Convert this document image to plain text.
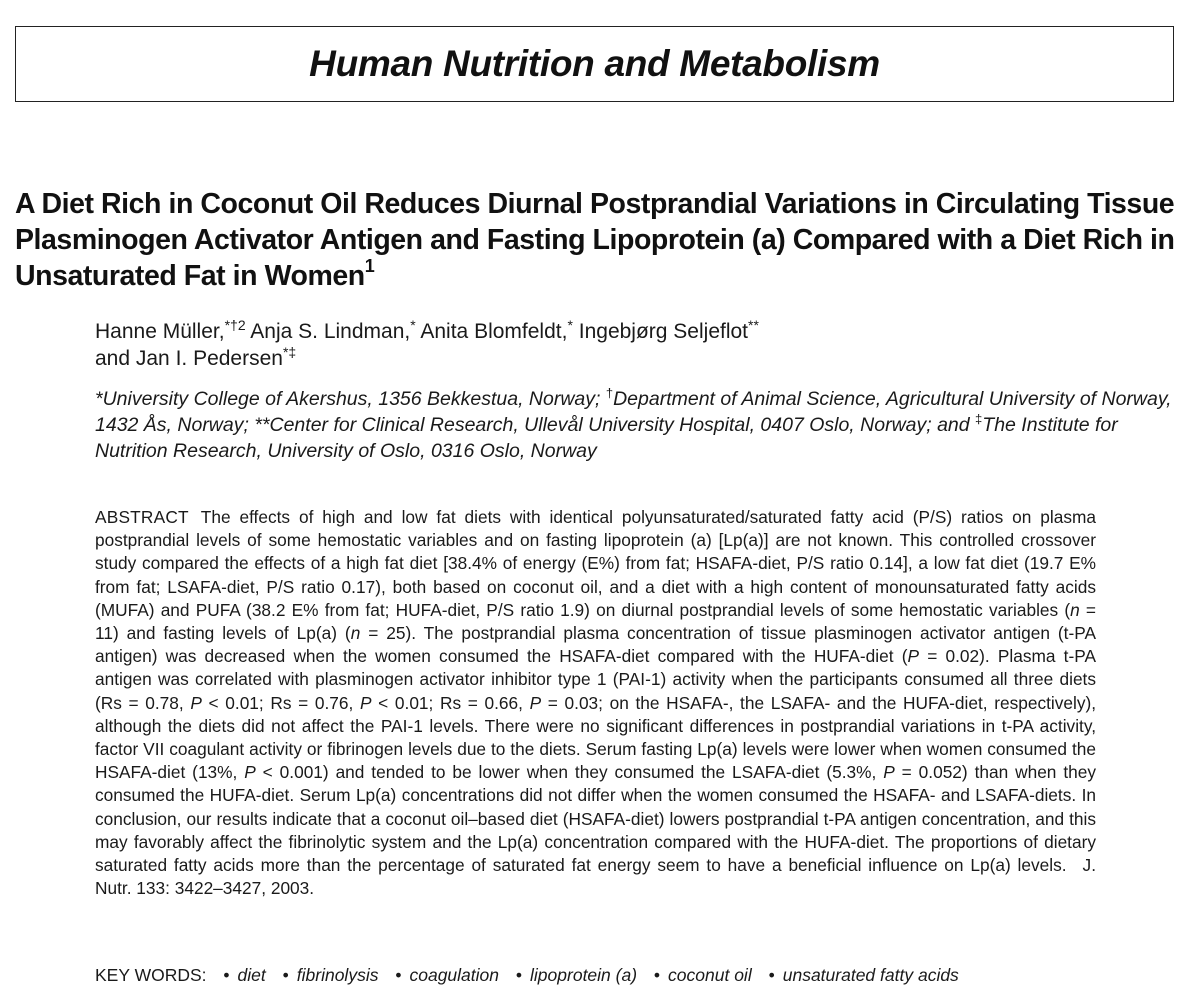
Human Nutrition and Metabolism
A Diet Rich in Coconut Oil Reduces Diurnal Postprandial Variations in Circulating Tissue Plasminogen Activator Antigen and Fasting Lipoprotein (a) Compared with a Diet Rich in Unsaturated Fat in Women$^1$
Hanne Müller,$^{*\dagger 2}$ Anja S. Lindman,* Anita Blomfeldt,* Ingebjørg Seljeflot**
and Jan I. Pedersen*‡
*University College of Akershus, 1356 Bekkestua, Norway; †Department of Animal Science, Agricultural University of Norway, 1432 Ås, Norway; **Center for Clinical Research, Ullevål University Hospital, 0407 Oslo, Norway; and ‡The Institute for Nutrition Research, University of Oslo, 0316 Oslo, Norway
ABSTRACT The effects of high and low fat diets with identical polyunsaturated/saturated fatty acid (P/S) ratios on plasma postprandial levels of some hemostatic variables and on fasting lipoprotein (a) [Lp(a)] are not known. This controlled crossover study compared the effects of a high fat diet [38.4% of energy (E%) from fat; HSAFA-diet, P/S ratio 0.14], a low fat diet (19.7 E% from fat; LSAFA-diet, P/S ratio 0.17), both based on coconut oil, and a diet with a high content of monounsaturated fatty acids (MUFA) and PUFA (38.2 E% from fat; HUFA-diet, P/S ratio 1.9) on diurnal postprandial levels of some hemostatic variables (n = 11) and fasting levels of Lp(a) (n = 25). The postprandial plasma concentration of tissue plasminogen activator antigen (t-PA antigen) was decreased when the women consumed the HSAFA-diet compared with the HUFA-diet (P = 0.02). Plasma t-PA antigen was correlated with plasminogen activator inhibitor type 1 (PAI-1) activity when the participants consumed all three diets (Rs = 0.78, P < 0.01; Rs = 0.76, P < 0.01; Rs = 0.66, P = 0.03; on the HSAFA-, the LSAFA- and the HUFA-diet, respectively), although the diets did not affect the PAI-1 levels. There were no significant differences in postprandial variations in t-PA activity, factor VII coagulant activity or fibrinogen levels due to the diets. Serum fasting Lp(a) levels were lower when women consumed the HSAFA-diet (13%, P < 0.001) and tended to be lower when they consumed the LSAFA-diet (5.3%, P = 0.052) than when they consumed the HUFA-diet. Serum Lp(a) concentrations did not differ when the women consumed the HSAFA- and LSAFA-diets. In conclusion, our results indicate that a coconut oil–based diet (HSAFA-diet) lowers postprandial t-PA antigen concentration, and this may favorably affect the fibrinolytic system and the Lp(a) concentration compared with the HUFA-diet. The proportions of dietary saturated fatty acids more than the percentage of saturated fat energy seem to have a beneficial influence on Lp(a) levels. J. Nutr. 133: 3422–3427, 2003.
KEY WORDS: • diet • fibrinolysis • coagulation • lipoprotein (a) • coconut oil • unsaturated fatty acids
